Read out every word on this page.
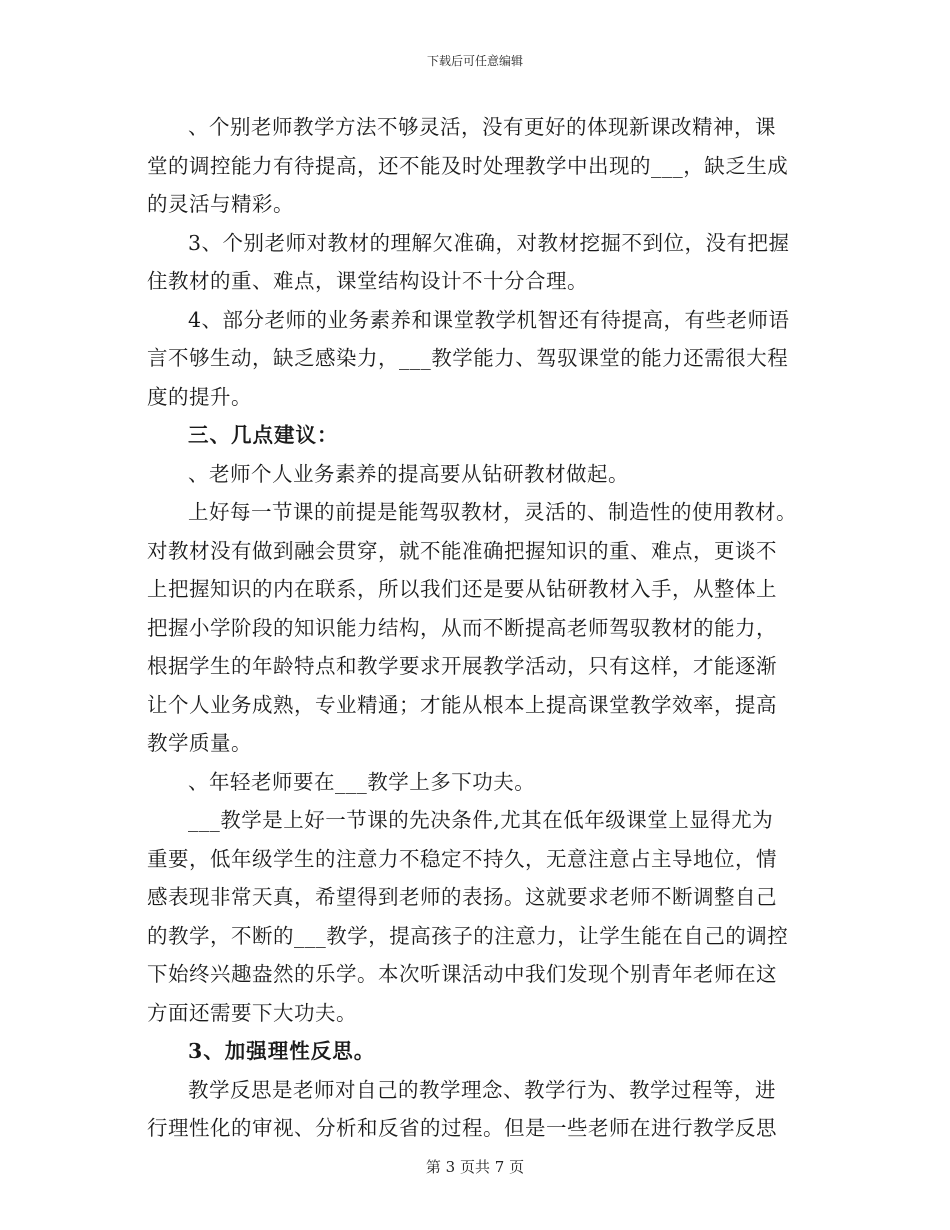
下载后可任意编辑

、个别老师教学方法不够灵活，没有更好的体现新课改精神，课
堂的调控能力有待提高，还不能及时处理教学中出现的___，缺乏生成
的灵活与精彩。

3、个别老师对教材的理解欠准确，对教材挖掘不到位，没有把握
住教材的重、难点，课堂结构设计不十分合理。

4、部分老师的业务素养和课堂教学机智还有待提高，有些老师语
言不够生动，缺乏感染力，___教学能力、驾驭课堂的能力还需很大程
度的提升。

三、几点建议：

、老师个人业务素养的提高要从钻研教材做起。

上好每一节课的前提是能驾驭教材，灵活的、制造性的使用教材。
对教材没有做到融会贯穿，就不能准确把握知识的重、难点，更谈不
上把握知识的内在联系，所以我们还是要从钻研教材入手，从整体上
把握小学阶段的知识能力结构，从而不断提高老师驾驭教材的能力，
根据学生的年龄特点和教学要求开展教学活动，只有这样，才能逐渐
让个人业务成熟，专业精通；才能从根本上提高课堂教学效率，提高
教学质量。

、年轻老师要在___教学上多下功夫。

___教学是上好一节课的先决条件,尤其在低年级课堂上显得尤为
重要，低年级学生的注意力不稳定不持久，无意注意占主导地位，情
感表现非常天真，希望得到老师的表扬。这就要求老师不断调整自己
的教学，不断的___教学，提高孩子的注意力，让学生能在自己的调控
下始终兴趣盎然的乐学。本次听课活动中我们发现个别青年老师在这
方面还需要下大功夫。

3、加强理性反思。

教学反思是老师对自己的教学理念、教学行为、教学过程等，进
行理性化的审视、分析和反省的过程。但是一些老师在进行教学反思

第 3 页共 7 页
